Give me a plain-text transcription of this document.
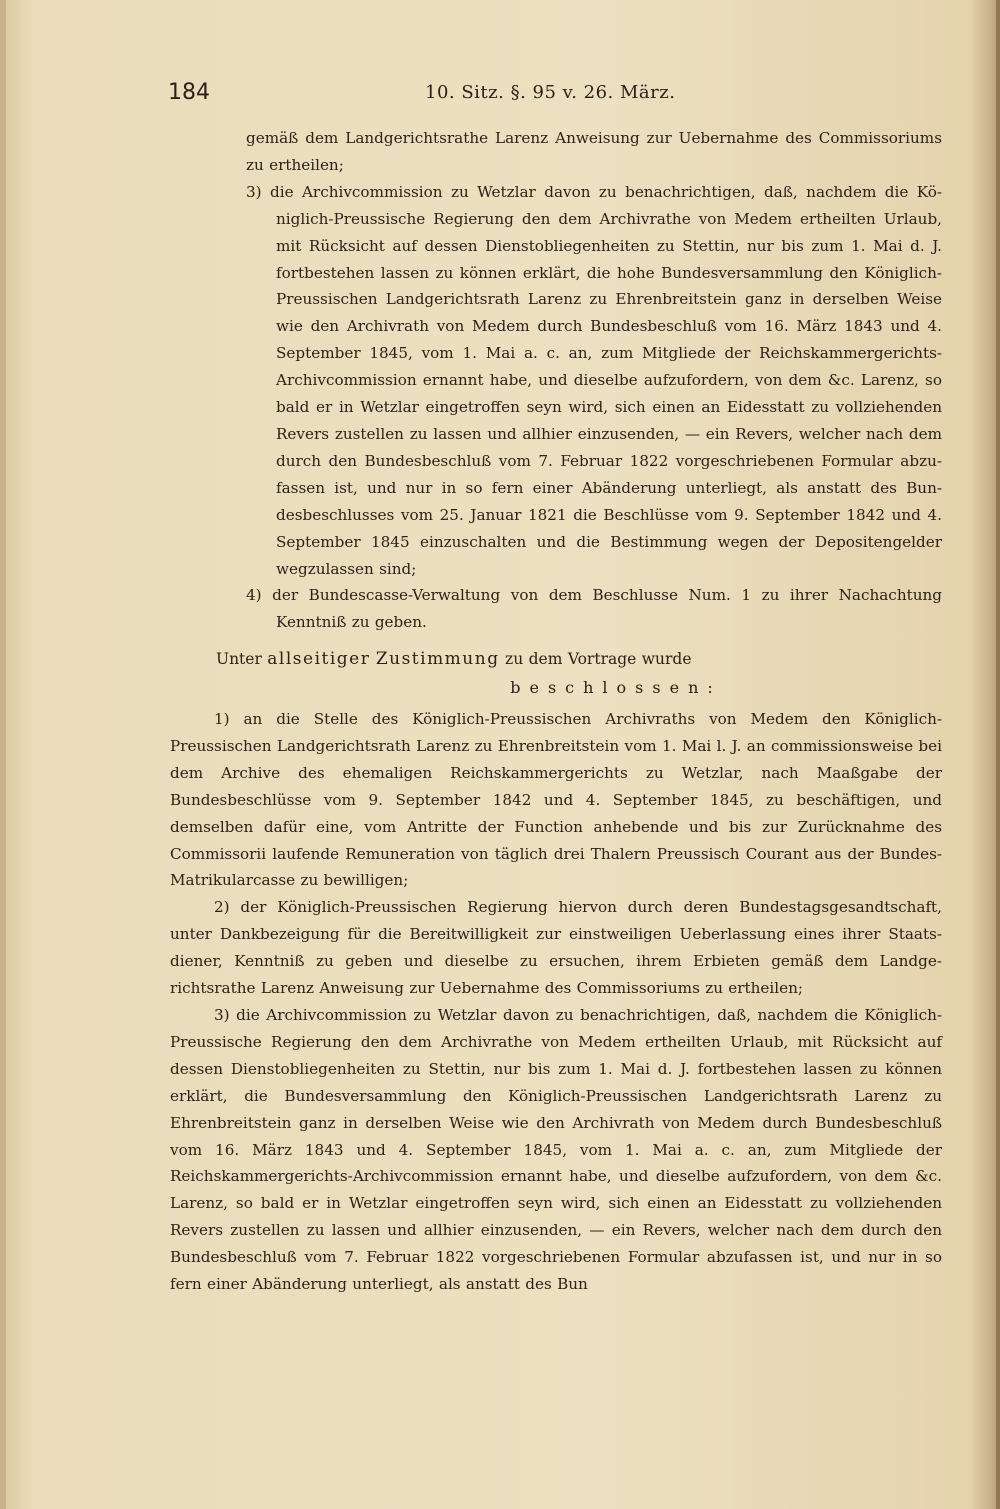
184	10. Sitz. §. 95 v. 26. März.

gemäß dem Landgerichtsrathe Larenz Anweisung zur Uebernahme des Commissoriums zu ertheilen;

3) die Archivcommission zu Wetzlar davon zu benachrichtigen, daß, nachdem die Königlich-Preussische Regierung den dem Archivrathe von Medem ertheilten Urlaub, mit Rücksicht auf dessen Dienstobliegenheiten zu Stettin, nur bis zum 1. Mai d. J. fortbestehen lassen zu können erklärt, die hohe Bundesversammlung den Königlich-Preussischen Landgerichtsrath Larenz zu Ehrenbreitstein ganz in derselben Weise wie den Archivrath von Medem durch Bundesbeschluß vom 16. März 1843 und 4. September 1845, vom 1. Mai a. c. an, zum Mitgliede der Reichskammergerichts-Archivcommission ernannt habe, und dieselbe aufzufordern, von dem &c. Larenz, so bald er in Wetzlar eingetroffen seyn wird, sich einen an Eidesstatt zu vollziehenden Revers zustellen zu lassen und allhier einzusenden, — ein Revers, welcher nach dem durch den Bundesbeschluß vom 7. Februar 1822 vorgeschriebenen Formular abzufassen ist, und nur in so fern einer Abänderung unterliegt, als anstatt des Bundesbeschlusses vom 25. Januar 1821 die Beschlüsse vom 9. September 1842 und 4. September 1845 einzuschalten und die Bestimmung wegen der Depositengelder wegzulassen sind;

4) der Bundescasse-Verwaltung von dem Beschlusse Num. 1 zu ihrer Nachachtung Kenntniß zu geben.

Unter allseitiger Zustimmung zu dem Vortrage wurde

beschlossen:

1) an die Stelle des Königlich-Preussischen Archivraths von Medem den Königlich-Preussischen Landgerichtsrath Larenz zu Ehrenbreitstein vom 1. Mai l. J. an commissionsweise bei dem Archive des ehemaligen Reichskammergerichts zu Wetzlar, nach Maaßgabe der Bundesbeschlüsse vom 9. September 1842 und 4. September 1845, zu beschäftigen, und demselben dafür eine, vom Antritte der Function anhebende und bis zur Zurücknahme des Commissorii laufende Remuneration von täglich drei Thalern Preussisch Courant aus der Bundes-Matrikularcasse zu bewilligen;

2) der Königlich-Preussischen Regierung hiervon durch deren Bundestagsgesandtschaft, unter Dankbezeigung für die Bereitwilligkeit zur einstweiligen Ueberlassung eines ihrer Staatsdiener, Kenntniß zu geben und dieselbe zu ersuchen, ihrem Erbieten gemäß dem Landgerichtsrathe Larenz Anweisung zur Uebernahme des Commissoriums zu ertheilen;

3) die Archivcommission zu Wetzlar davon zu benachrichtigen, daß, nachdem die Königlich-Preussische Regierung den dem Archivrathe von Medem ertheilten Urlaub, mit Rücksicht auf dessen Dienstobliegenheiten zu Stettin, nur bis zum 1. Mai d. J. fortbestehen lassen zu können erklärt, die Bundesversammlung den Königlich-Preussischen Landgerichtsrath Larenz zu Ehrenbreitstein ganz in derselben Weise wie den Archivrath von Medem durch Bundesbeschluß vom 16. März 1843 und 4. September 1845, vom 1. Mai a. c. an, zum Mitgliede der Reichskammergerichts-Archivcommission ernannt habe, und dieselbe aufzufordern, von dem &c. Larenz, so bald er in Wetzlar eingetroffen seyn wird, sich einen an Eidesstatt zu vollziehenden Revers zustellen zu lassen und allhier einzusenden, — ein Revers, welcher nach dem durch den Bundesbeschluß vom 7. Februar 1822 vorgeschriebenen Formular abzufassen ist, und nur in so fern einer Abänderung unterliegt, als anstatt des Bun
